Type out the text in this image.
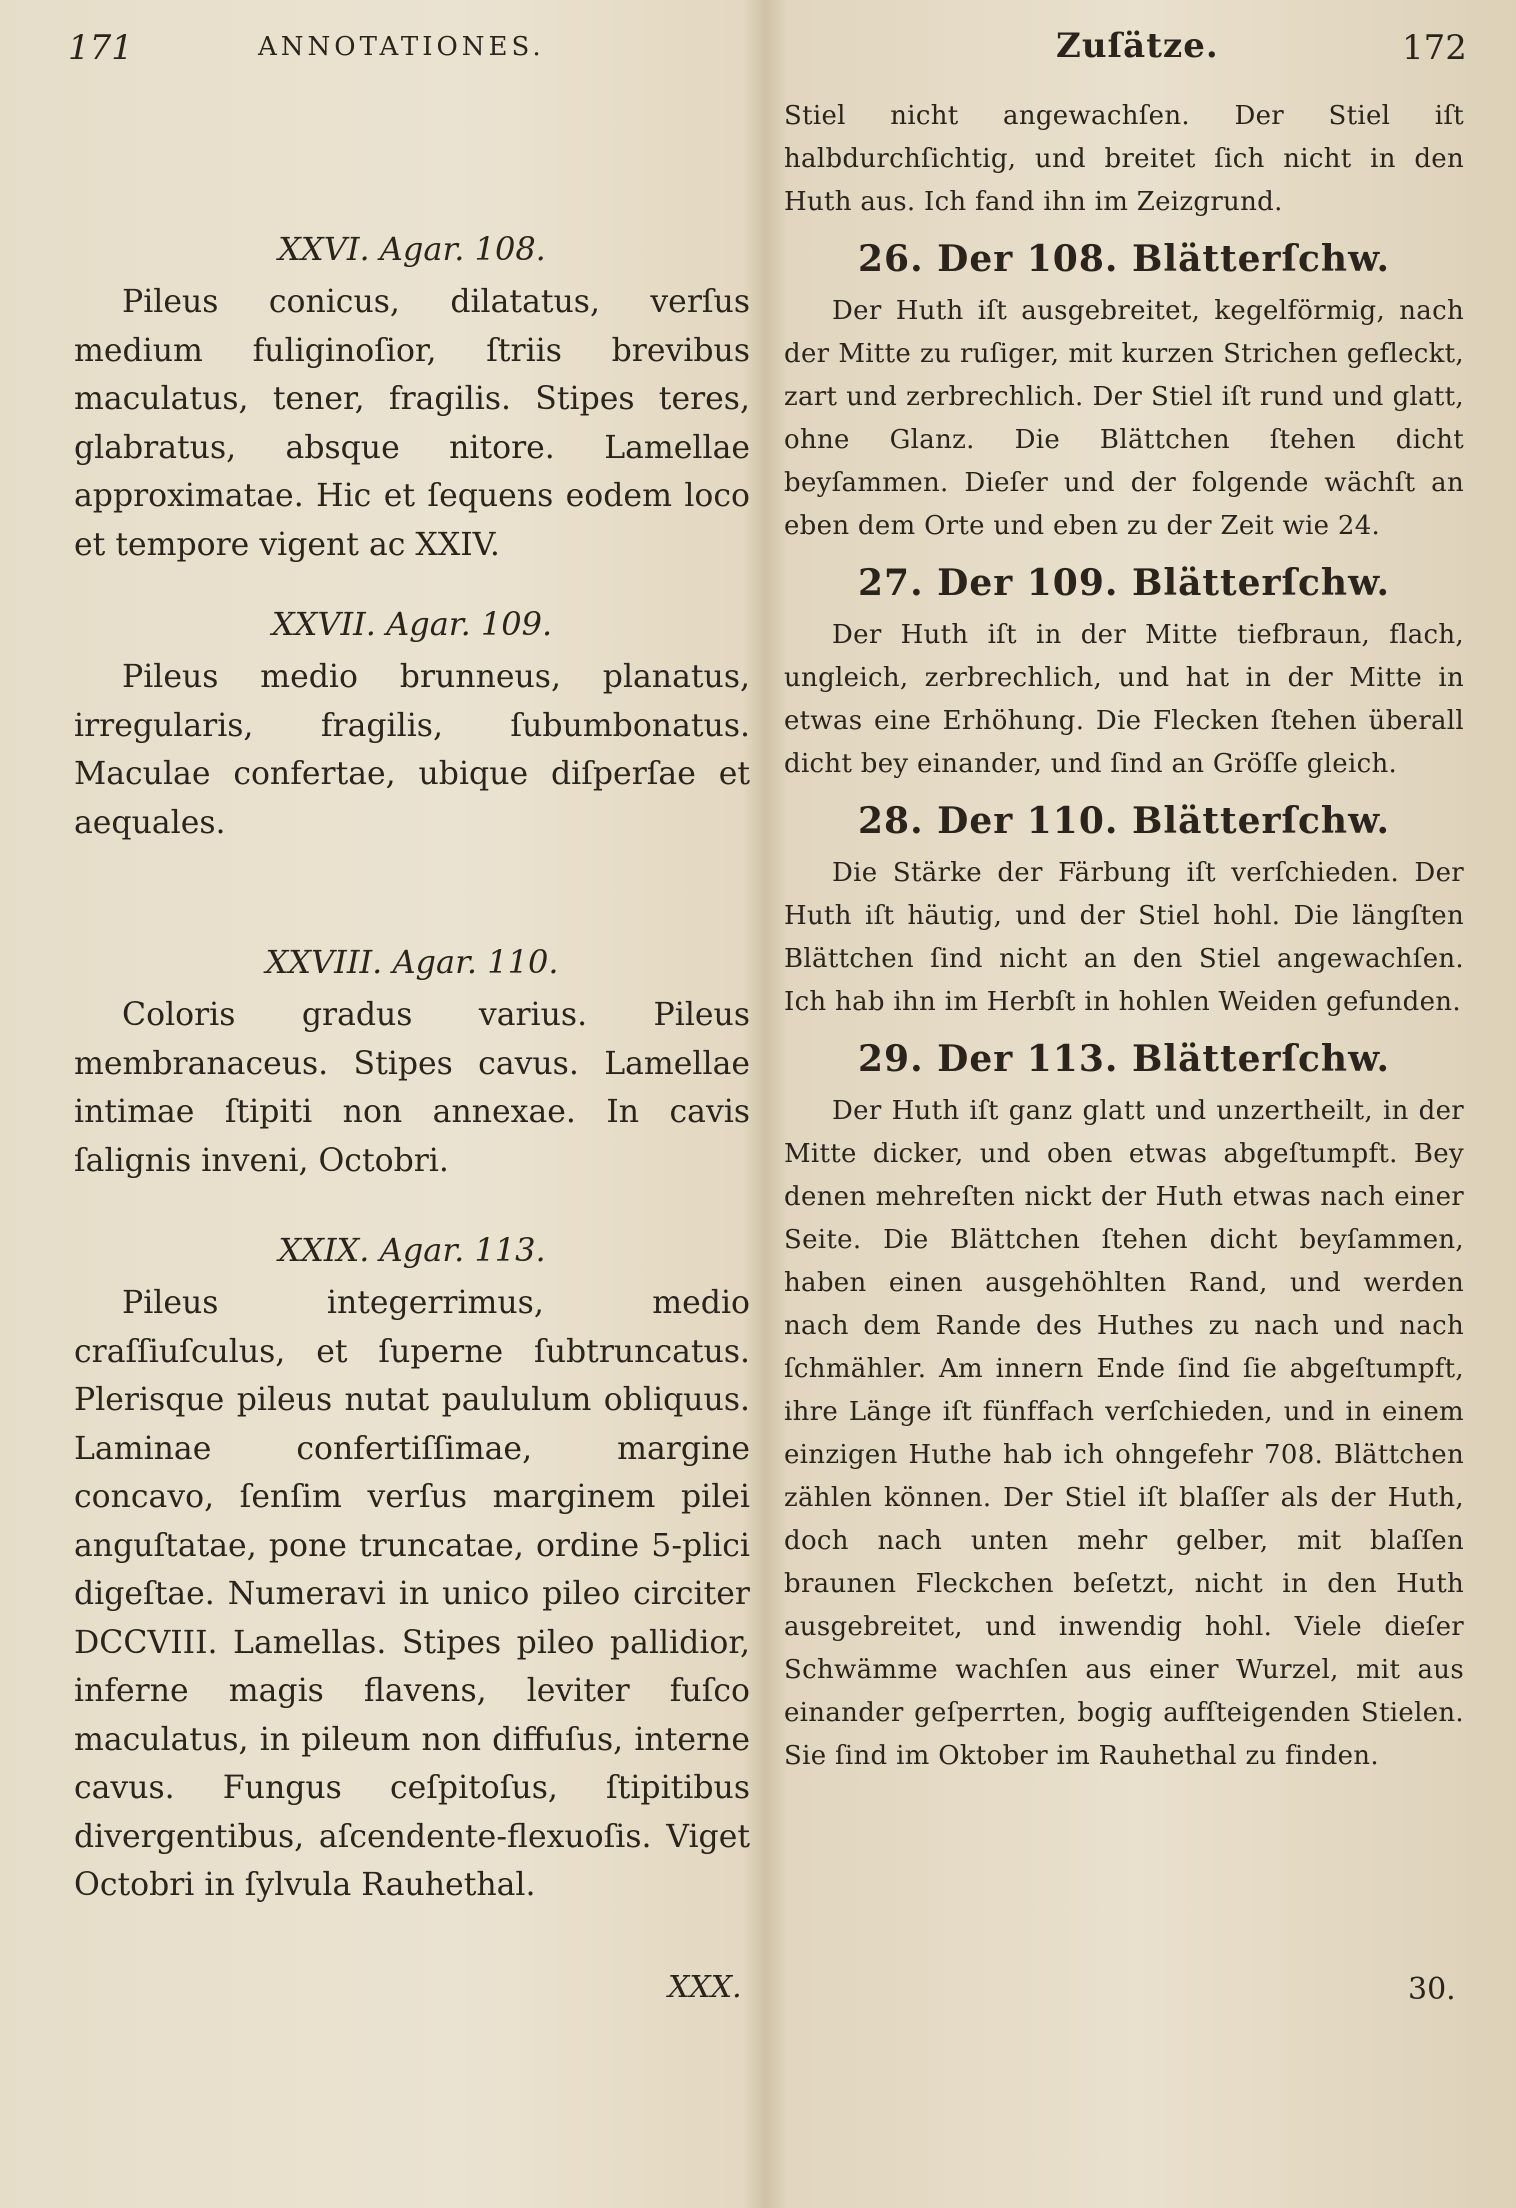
171	ANNOTATIONES.	Zuſätze.	172

XXVI. Agar. 108.

Pileus conicus, dilatatus, verſus medium fuliginoſior, ſtriis brevibus maculatus, tener, fragilis. Stipes teres, glabratus, absque nitore. Lamellae approximatae. Hic et ſequens eodem loco et tempore vigent ac XXIV.

XXVII. Agar. 109.

Pileus medio brunneus, planatus, irregularis, fragilis, ſubumbonatus. Maculae confertae, ubique diſperſae et aequales.

XXVIII. Agar. 110.

Coloris gradus varius. Pileus membranaceus. Stipes cavus. Lamellae intimae ſtipiti non annexae. In cavis ſalignis inveni, Octobri.

XXIX. Agar. 113.

Pileus integerrimus, medio craſſiuſculus, et ſuperne ſubtruncatus. Plerisque pileus nutat paululum obliquus. Laminae confertiſſimae, margine concavo, ſenſim verſus marginem pilei anguſtatae, pone truncatae, ordine 5-plici digeſtae. Numeravi in unico pileo circiter DCCVIII. Lamellas. Stipes pileo pallidior, inferne magis flavens, leviter fuſco maculatus, in pileum non diffuſus, interne cavus. Fungus ceſpitoſus, ſtipitibus divergentibus, aſcendente-flexuoſis. Viget Octobri in ſylvula Rauhethal.

Stiel nicht angewachſen. Der Stiel iſt halbdurchſichtig, und breitet ſich nicht in den Huth aus. Ich fand ihn im Zeizgrund.

26. Der 108. Blätterſchw.

Der Huth iſt ausgebreitet, kegelförmig, nach der Mitte zu ruſiger, mit kurzen Strichen gefleckt, zart und zerbrechlich. Der Stiel iſt rund und glatt, ohne Glanz. Die Blättchen ſtehen dicht beyſammen. Dieſer und der folgende wächſt an eben dem Orte und eben zu der Zeit wie 24.

27. Der 109. Blätterſchw.

Der Huth iſt in der Mitte tiefbraun, flach, ungleich, zerbrechlich, und hat in der Mitte in etwas eine Erhöhung. Die Flecken ſtehen überall dicht bey einander, und ſind an Gröſſe gleich.

28. Der 110. Blätterſchw.

Die Stärke der Färbung iſt verſchieden. Der Huth iſt häutig, und der Stiel hohl. Die längſten Blättchen ſind nicht an den Stiel angewachſen. Ich hab ihn im Herbſt in hohlen Weiden gefunden.

29. Der 113. Blätterſchw.

Der Huth iſt ganz glatt und unzertheilt, in der Mitte dicker, und oben etwas abgeſtumpft. Bey denen mehreſten nickt der Huth etwas nach einer Seite. Die Blättchen ſtehen dicht beyſammen, haben einen ausgehöhlten Rand, und werden nach dem Rande des Huthes zu nach und nach ſchmähler. Am innern Ende ſind ſie abgeſtumpft, ihre Länge iſt fünffach verſchieden, und in einem einzigen Huthe hab ich ohngefehr 708. Blättchen zählen können. Der Stiel iſt blaſſer als der Huth, doch nach unten mehr gelber, mit blaſſen braunen Fleckchen beſetzt, nicht in den Huth ausgebreitet, und inwendig hohl. Viele dieſer Schwämme wachſen aus einer Wurzel, mit aus einander geſperrten, bogig aufſteigenden Stielen. Sie ſind im Oktober im Rauhethal zu finden.

XXX.	30.
